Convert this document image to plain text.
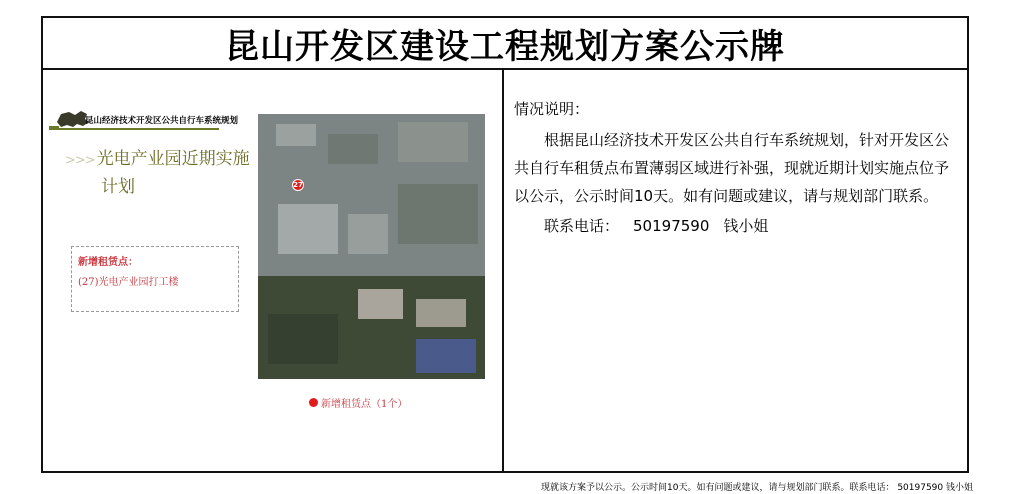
昆山开发区建设工程规划方案公示牌
昆山经济技术开发区公共自行车系统规划
>>> 光电产业园近期实施
计划
新增租赁点：
(27)光电产业园打工楼
27
新增租赁点（1个）
情况说明：

根据昆山经济技术开发区公共自行车系统规划，针对开发区公共自行车租赁点布置薄弱区域进行补强，现就近期计划实施点位予以公示，公示时间10天。如有问题或建议，请与规划部门联系。

联系电话： 50197590 钱小姐
现就该方案予以公示。公示时间10天。如有问题或建议，请与规划部门联系。联系电话： 50197590 钱小姐
